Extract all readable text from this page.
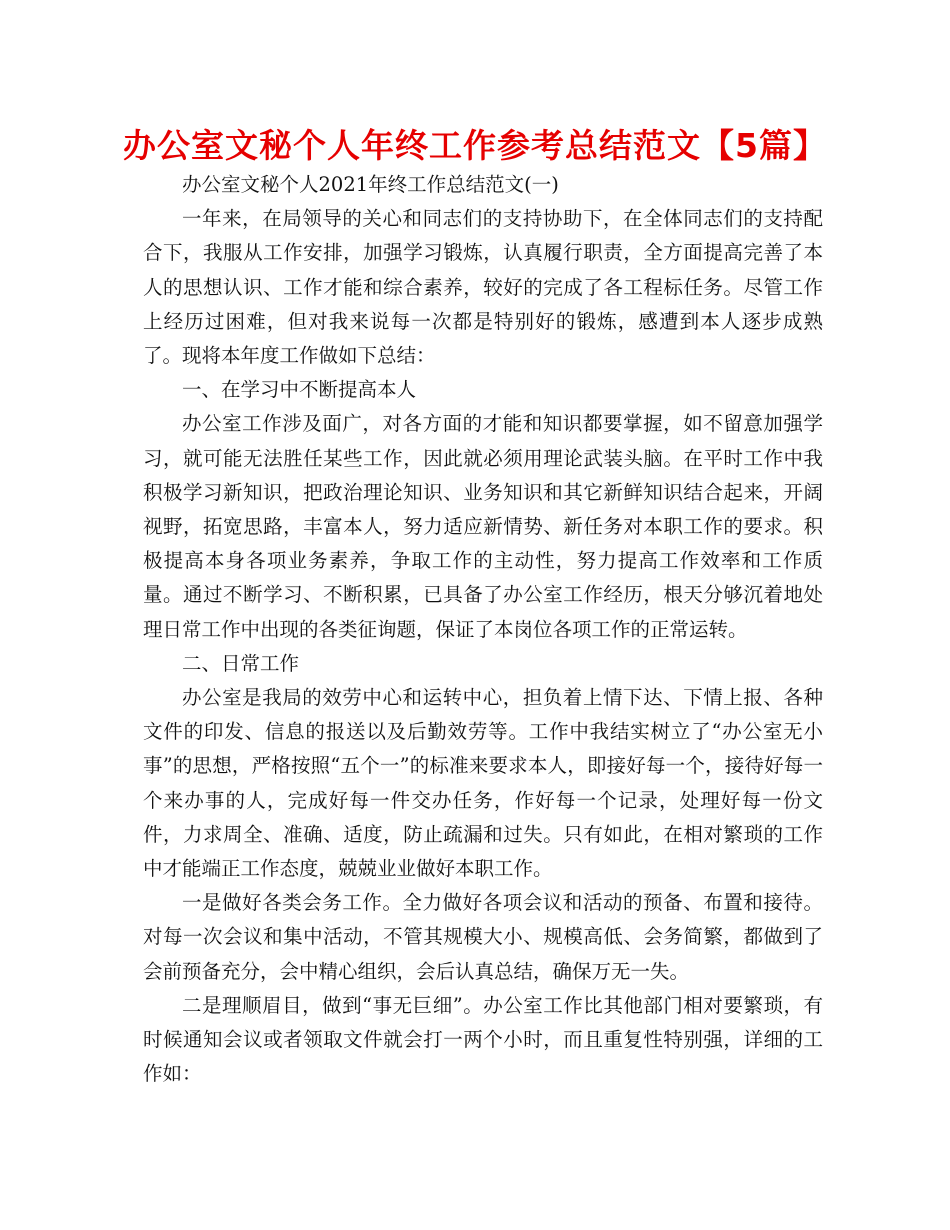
办公室文秘个人年终工作参考总结范文【5篇】

办公室文秘个人2021年终工作总结范文(一)

一年来，在局领导的关心和同志们的支持协助下，在全体同志们的支持配合下，我服从工作安排，加强学习锻炼，认真履行职责，全方面提高完善了本人的思想认识、工作才能和综合素养，较好的完成了各工程标任务。尽管工作上经历过困难，但对我来说每一次都是特别好的锻炼，感遭到本人逐步成熟了。现将本年度工作做如下总结：

一、在学习中不断提高本人

办公室工作涉及面广，对各方面的才能和知识都要掌握，如不留意加强学习，就可能无法胜任某些工作，因此就必须用理论武装头脑。在平时工作中我积极学习新知识，把政治理论知识、业务知识和其它新鲜知识结合起来，开阔视野，拓宽思路，丰富本人，努力适应新情势、新任务对本职工作的要求。积极提高本身各项业务素养，争取工作的主动性，努力提高工作效率和工作质量。通过不断学习、不断积累，已具备了办公室工作经历，根天分够沉着地处理日常工作中出现的各类征询题，保证了本岗位各项工作的正常运转。

二、日常工作

办公室是我局的效劳中心和运转中心，担负着上情下达、下情上报、各种文件的印发、信息的报送以及后勤效劳等。工作中我结实树立了“办公室无小事”的思想，严格按照“五个一”的标准来要求本人，即接好每一个，接待好每一个来办事的人，完成好每一件交办任务，作好每一个记录，处理好每一份文件，力求周全、准确、适度，防止疏漏和过失。只有如此，在相对繁琐的工作中才能端正工作态度，兢兢业业做好本职工作。

一是做好各类会务工作。全力做好各项会议和活动的预备、布置和接待。对每一次会议和集中活动，不管其规模大小、规模高低、会务简繁，都做到了会前预备充分，会中精心组织，会后认真总结，确保万无一失。

二是理顺眉目，做到“事无巨细”。办公室工作比其他部门相对要繁琐，有时候通知会议或者领取文件就会打一两个小时，而且重复性特别强，详细的工作如：
